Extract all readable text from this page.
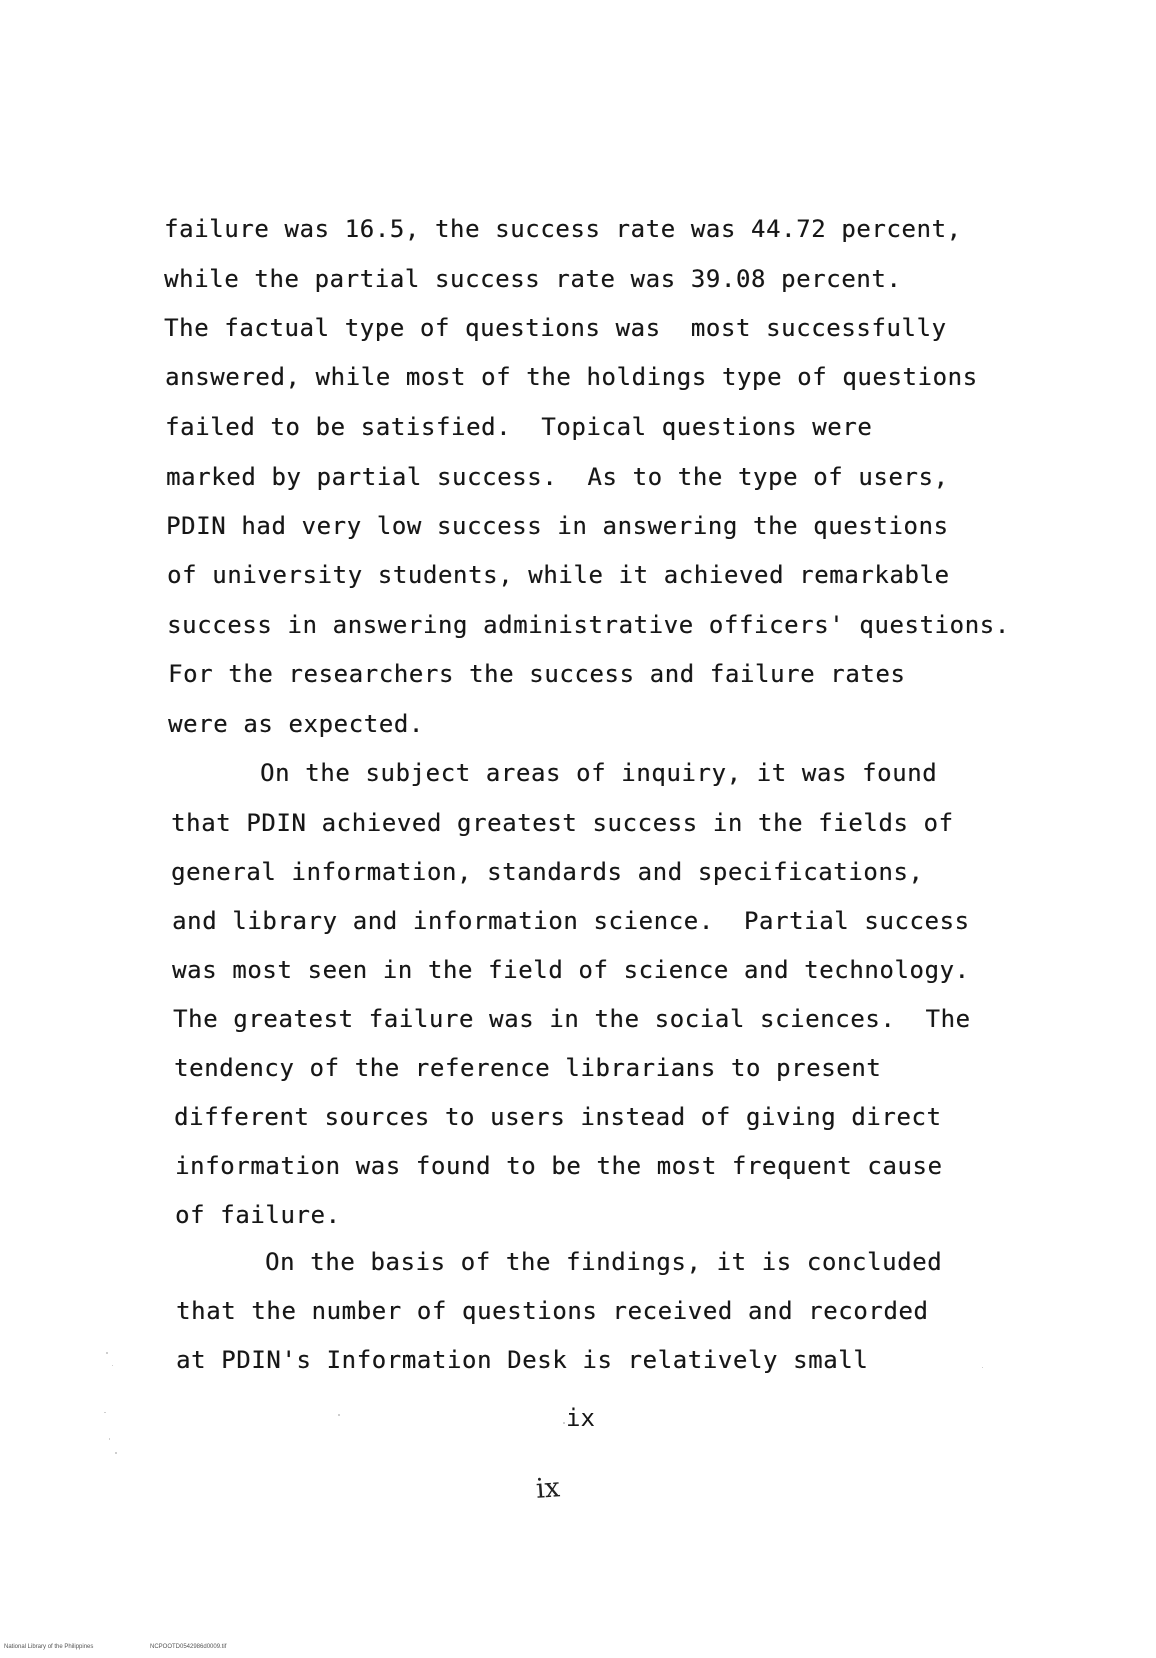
failure was 16.5, the success rate was 44.72 percent,

while the partial success rate was 39.08 percent.

The factual type of questions was  most successfully

answered, while most of the holdings type of questions

failed to be satisfied.  Topical questions were

marked by partial success.  As to the type of users,

PDIN had very low success in answering the questions

of university students, while it achieved remarkable

success in answering administrative officers' questions.

For the researchers the success and failure rates

were as expected.

On the subject areas of inquiry, it was found

that PDIN achieved greatest success in the fields of

general information, standards and specifications,

and library and information science.  Partial success

was most seen in the field of science and technology.

The greatest failure was in the social sciences.  The

tendency of the reference librarians to present

different sources to users instead of giving direct

information was found to be the most frequent cause

of failure.

On the basis of the findings, it is concluded

that the number of questions received and recorded

at PDIN's Information Desk is relatively small

ix

ix

National Library of the Philippines	NCPOOTD0542986d0009.tif
